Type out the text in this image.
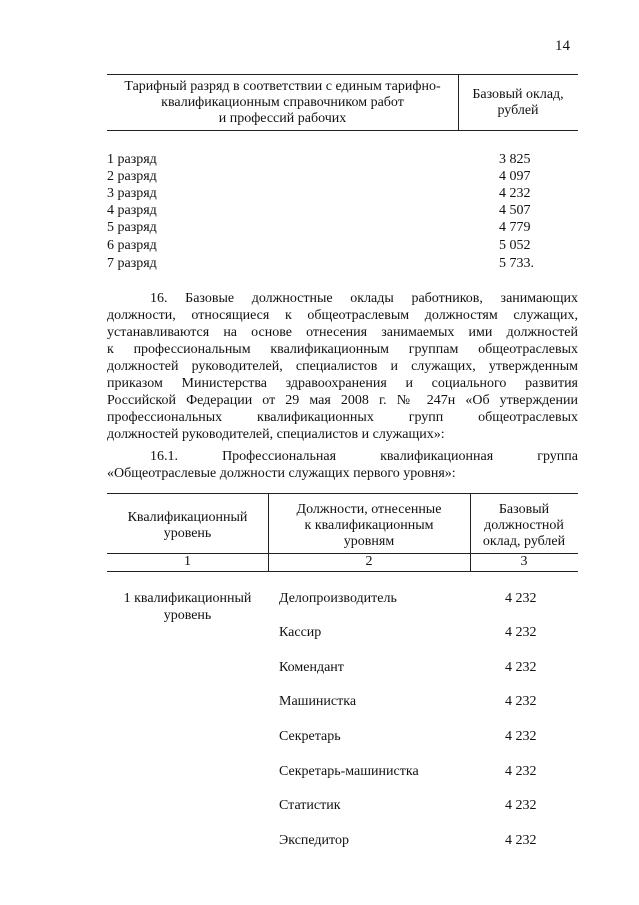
14
Тарифный разряд в соответствии с единым тарифно-
квалификационным справочником работ
и профессий рабочих
Базовый оклад,
рублей
1 разряд	3 825
2 разряд	4 097
3 разряд	4 232
4 разряд	4 507
5 разряд	4 779
6 разряд	5 052
7 разряд	5 733.
16. Базовые должностные оклады работников, занимающих
должности, относящиеся к общеотраслевым должностям служащих,
устанавливаются на основе отнесения занимаемых ими должностей
к профессиональным квалификационным группам общеотраслевых
должностей руководителей, специалистов и служащих, утвержденным
приказом Министерства здравоохранения и социального развития
Российской Федерации от 29 мая 2008 г. № 247н «Об утверждении
профессиональных квалификационных групп общеотраслевых
должностей руководителей, специалистов и служащих»:
16.1. Профессиональная квалификационная группа
«Общеотраслевые должности служащих первого уровня»:
Квалификационный
уровень
Должности, отнесенные
к квалификационным
уровням
Базовый
должностной
оклад, рублей
1	2	3
1 квалификационный
уровень
Делопроизводитель	4 232
Кассир	4 232
Комендант	4 232
Машинистка	4 232
Секретарь	4 232
Секретарь-машинистка	4 232
Статистик	4 232
Экспедитор	4 232
